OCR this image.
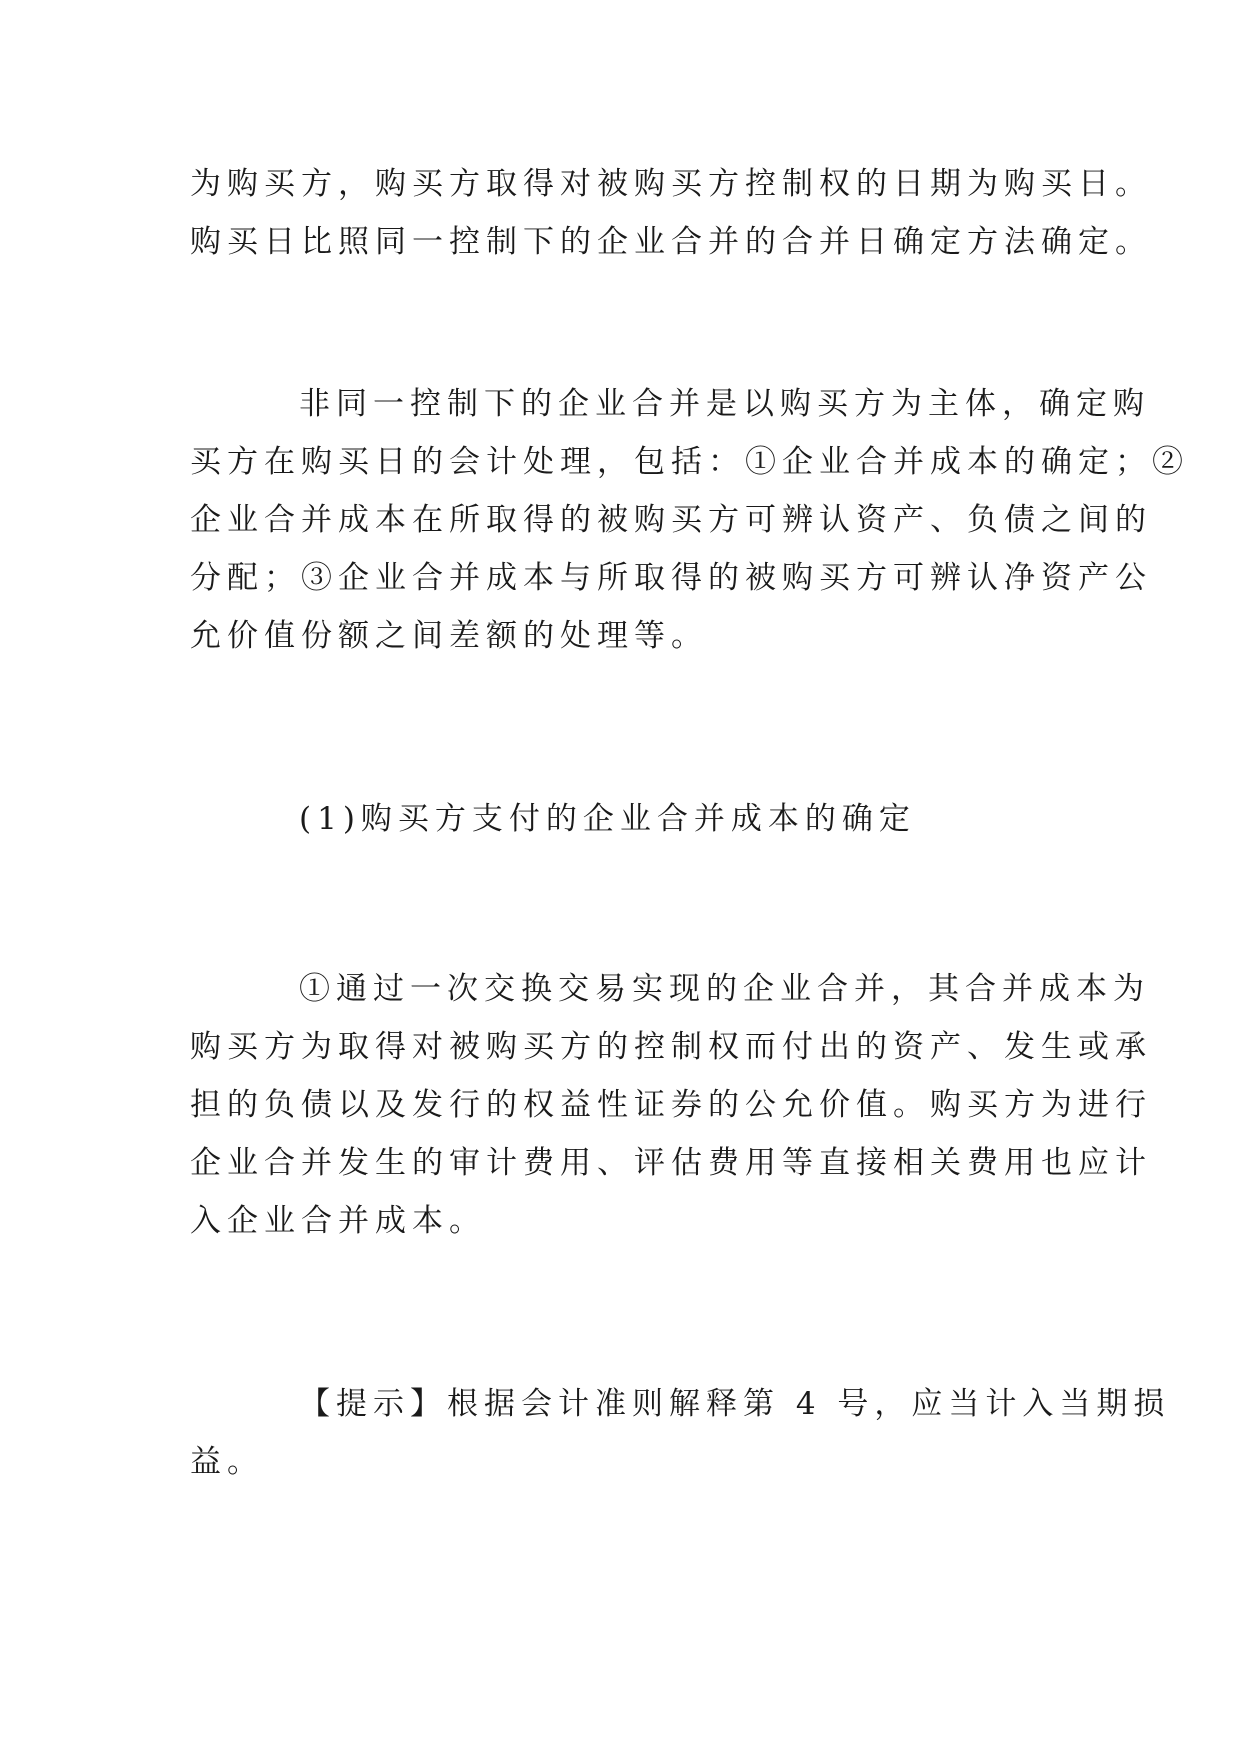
为购买方，购买方取得对被购买方控制权的日期为购买日。
购买日比照同一控制下的企业合并的合并日确定方法确定。

非同一控制下的企业合并是以购买方为主体，确定购
买方在购买日的会计处理，包括：①企业合并成本的确定；②
企业合并成本在所取得的被购买方可辨认资产、负债之间的
分配；③企业合并成本与所取得的被购买方可辨认净资产公
允价值份额之间差额的处理等。

(1)购买方支付的企业合并成本的确定

①通过一次交换交易实现的企业合并，其合并成本为
购买方为取得对被购买方的控制权而付出的资产、发生或承
担的负债以及发行的权益性证券的公允价值。购买方为进行
企业合并发生的审计费用、评估费用等直接相关费用也应计
入企业合并成本。

【提示】根据会计准则解释第 4 号，应当计入当期损
益。
